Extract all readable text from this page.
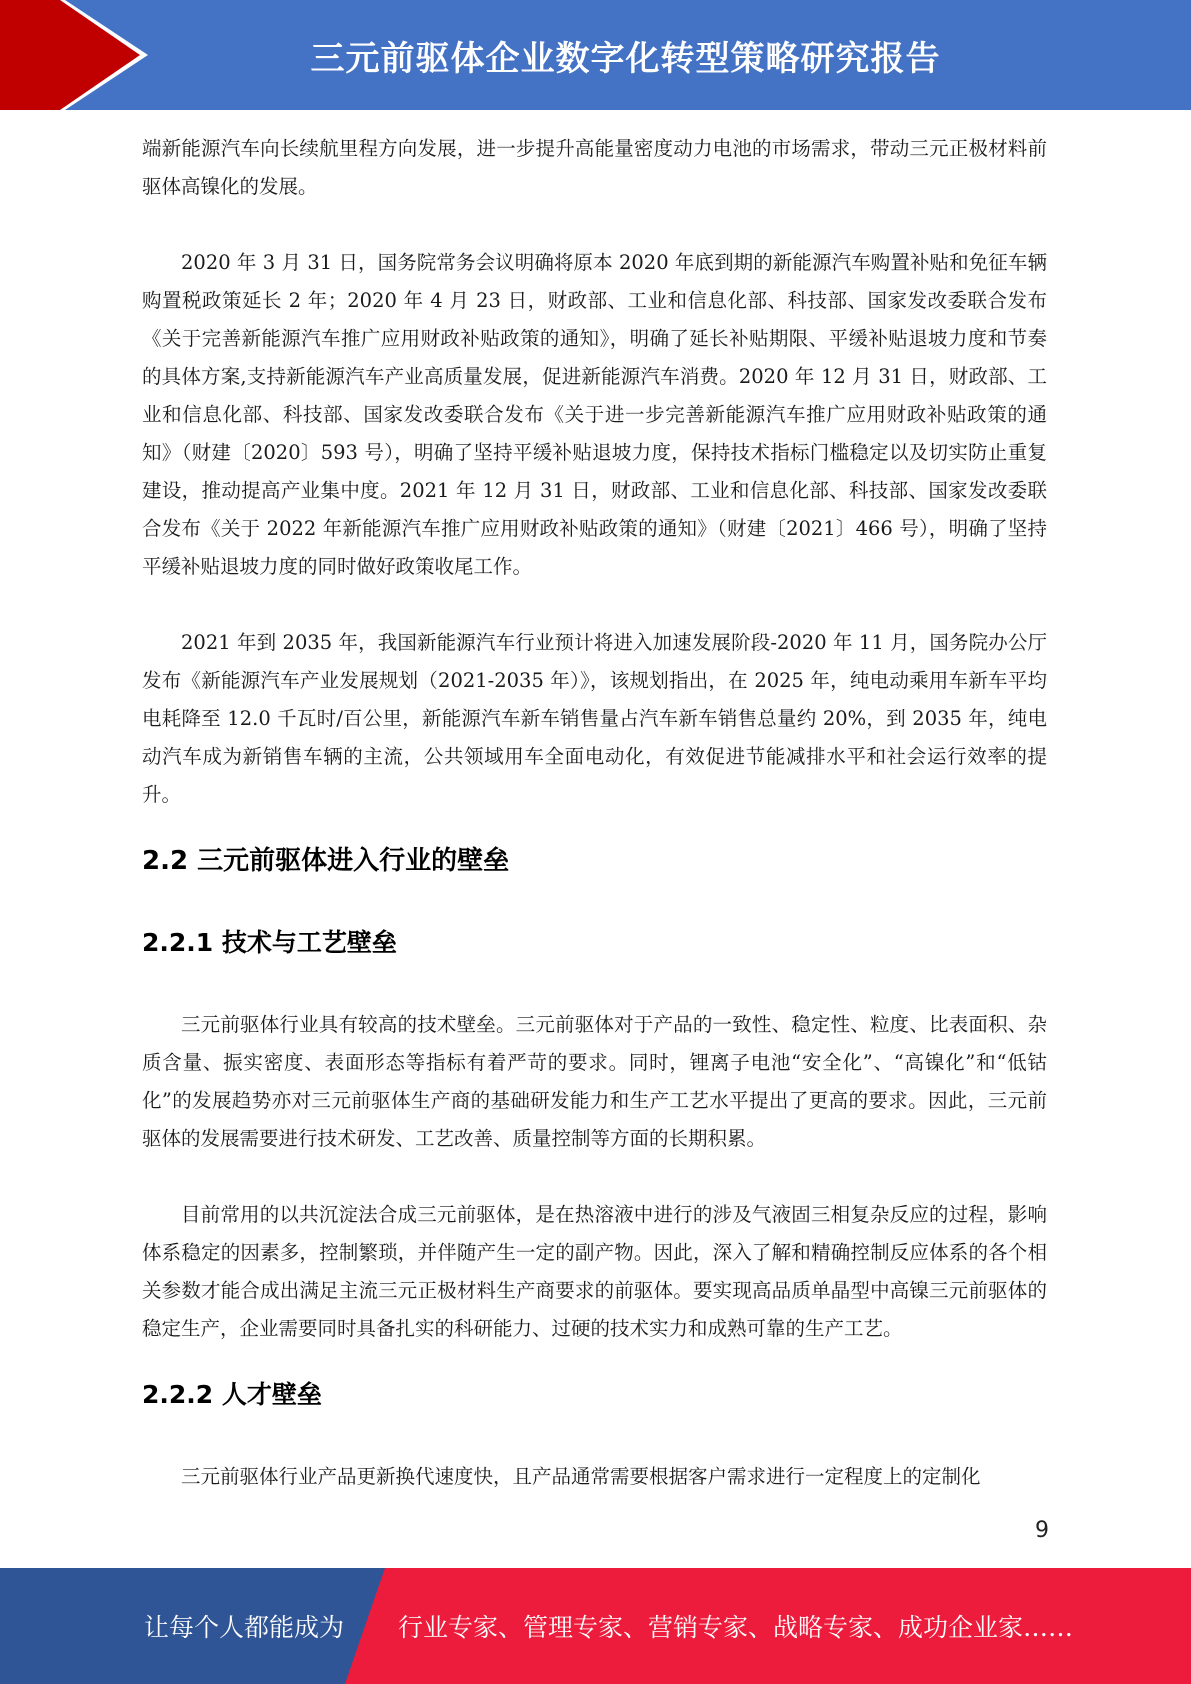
三元前驱体企业数字化转型策略研究报告

端新能源汽车向长续航里程方向发展，进一步提升高能量密度动力电池的市场需求，带动三元正极材料前驱体高镍化的发展。

2020 年 3 月 31 日，国务院常务会议明确将原本 2020 年底到期的新能源汽车购置补贴和免征车辆购置税政策延长 2 年；2020 年 4 月 23 日，财政部、工业和信息化部、科技部、国家发改委联合发布《关于完善新能源汽车推广应用财政补贴政策的通知》，明确了延长补贴期限、平缓补贴退坡力度和节奏的具体方案,支持新能源汽车产业高质量发展，促进新能源汽车消费。2020 年 12 月 31 日，财政部、工业和信息化部、科技部、国家发改委联合发布《关于进一步完善新能源汽车推广应用财政补贴政策的通知》（财建〔2020〕593 号），明确了坚持平缓补贴退坡力度，保持技术指标门槛稳定以及切实防止重复建设，推动提高产业集中度。2021 年 12 月 31 日，财政部、工业和信息化部、科技部、国家发改委联合发布《关于 2022 年新能源汽车推广应用财政补贴政策的通知》（财建〔2021〕466 号），明确了坚持平缓补贴退坡力度的同时做好政策收尾工作。

2021 年到 2035 年，我国新能源汽车行业预计将进入加速发展阶段-2020 年 11 月，国务院办公厅发布《新能源汽车产业发展规划（2021-2035 年）》，该规划指出，在 2025 年，纯电动乘用车新车平均电耗降至 12.0 千瓦时/百公里，新能源汽车新车销售量占汽车新车销售总量约 20%，到 2035 年，纯电动汽车成为新销售车辆的主流，公共领域用车全面电动化，有效促进节能减排水平和社会运行效率的提升。

2.2 三元前驱体进入行业的壁垒
2.2.1 技术与工艺壁垒

三元前驱体行业具有较高的技术壁垒。三元前驱体对于产品的一致性、稳定性、粒度、比表面积、杂质含量、振实密度、表面形态等指标有着严苛的要求。同时，锂离子电池“安全化”、“高镍化”和“低钴化”的发展趋势亦对三元前驱体生产商的基础研发能力和生产工艺水平提出了更高的要求。因此，三元前驱体的发展需要进行技术研发、工艺改善、质量控制等方面的长期积累。

目前常用的以共沉淀法合成三元前驱体，是在热溶液中进行的涉及气液固三相复杂反应的过程，影响体系稳定的因素多，控制繁琐，并伴随产生一定的副产物。因此，深入了解和精确控制反应体系的各个相关参数才能合成出满足主流三元正极材料生产商要求的前驱体。要实现高品质单晶型中高镍三元前驱体的稳定生产，企业需要同时具备扎实的科研能力、过硬的技术实力和成熟可靠的生产工艺。

2.2.2 人才壁垒

三元前驱体行业产品更新换代速度快，且产品通常需要根据客户需求进行一定程度上的定制化

9
让每个人都能成为 行业专家、管理专家、营销专家、战略专家、成功企业家……
